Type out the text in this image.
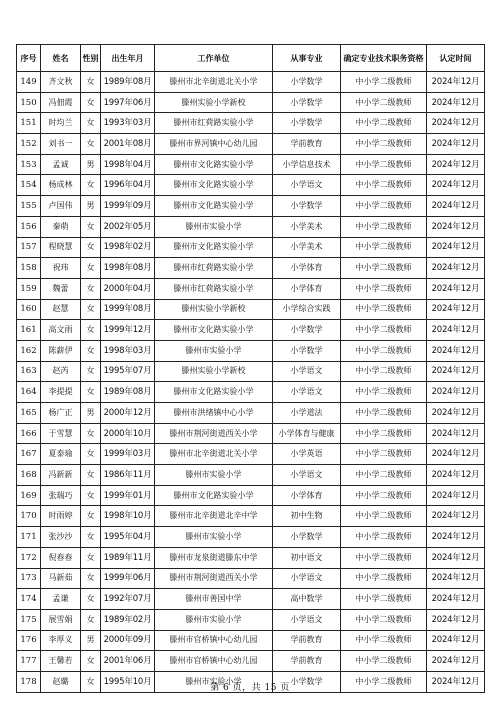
序号	姓名	性别	出生年月	工作单位	从事专业	确定专业技术职务资格	认定时间
149	齐文秋	女	1989年08月	滕州市北辛街道北关小学	小学数学	中小学二级教师	2024年12月
150	冯佃霞	女	1997年06月	滕州实验小学新校	小学数学	中小学二级教师	2024年12月
151	时均兰	女	1993年03月	滕州市红荷路实验小学	小学数学	中小学二级教师	2024年12月
152	刘书一	女	2001年08月	滕州市界河镇中心幼儿园	学前教育	中小学二级教师	2024年12月
153	孟诚	男	1998年04月	滕州市文化路实验小学	小学信息技术	中小学二级教师	2024年12月
154	杨成林	女	1996年04月	滕州市文化路实验小学	小学语文	中小学二级教师	2024年12月
155	卢国伟	男	1999年09月	滕州市文化路实验小学	小学数学	中小学二级教师	2024年12月
156	秦萌	女	2002年05月	滕州市实验小学	小学美术	中小学二级教师	2024年12月
157	程晓慧	女	1998年02月	滕州市文化路实验小学	小学美术	中小学二级教师	2024年12月
158	祝玮	女	1998年08月	滕州市红荷路实验小学	小学体育	中小学二级教师	2024年12月
159	魏蕾	女	2000年04月	滕州市红荷路实验小学	小学体育	中小学二级教师	2024年12月
160	赵慧	女	1999年08月	滕州实验小学新校	小学综合实践	中小学二级教师	2024年12月
161	高文雨	女	1999年12月	滕州市文化路实验小学	小学数学	中小学二级教师	2024年12月
162	陈薪伊	女	1998年03月	滕州市实验小学	小学数学	中小学二级教师	2024年12月
163	赵芮	女	1995年07月	滕州实验小学新校	小学语文	中小学二级教师	2024年12月
164	李提提	女	1989年08月	滕州市文化路实验小学	小学语文	中小学二级教师	2024年12月
165	杨广正	男	2000年12月	滕州市洪绪镇中心小学	小学道法	中小学二级教师	2024年12月
166	于雪慧	女	2000年10月	滕州市荆河街道西关小学	小学体育与健康	中小学二级教师	2024年12月
167	夏泰瑜	女	1999年03月	滕州市北辛街道北关小学	小学英语	中小学二级教师	2024年12月
168	冯新新	女	1986年11月	滕州市实验小学	小学语文	中小学二级教师	2024年12月
169	张瑞巧	女	1999年01月	滕州市文化路实验小学	小学体育	中小学二级教师	2024年12月
170	时雨婷	女	1998年10月	滕州市北辛街道北辛中学	初中生物	中小学二级教师	2024年12月
171	张沙沙	女	1995年04月	滕州市实验小学	小学数学	中小学二级教师	2024年12月
172	倪春春	女	1989年11月	滕州市龙泉街道滕东中学	初中语文	中小学二级教师	2024年12月
173	马新茹	女	1999年06月	滕州市荆河街道西关小学	小学语文	中小学二级教师	2024年12月
174	孟谦	女	1992年07月	滕州市善国中学	高中数学	中小学二级教师	2024年12月
175	展雪娟	女	1989年02月	滕州市实验小学	小学语文	中小学二级教师	2024年12月
176	李厚义	男	2000年09月	滕州市官桥镇中心幼儿园	学前教育	中小学二级教师	2024年12月
177	王馨若	女	2001年06月	滕州市官桥镇中心幼儿园	学前教育	中小学二级教师	2024年12月
178	赵璐	女	1995年10月	滕州市实验小学	小学数学	中小学二级教师	2024年12月
第 6 页，共 15 页
